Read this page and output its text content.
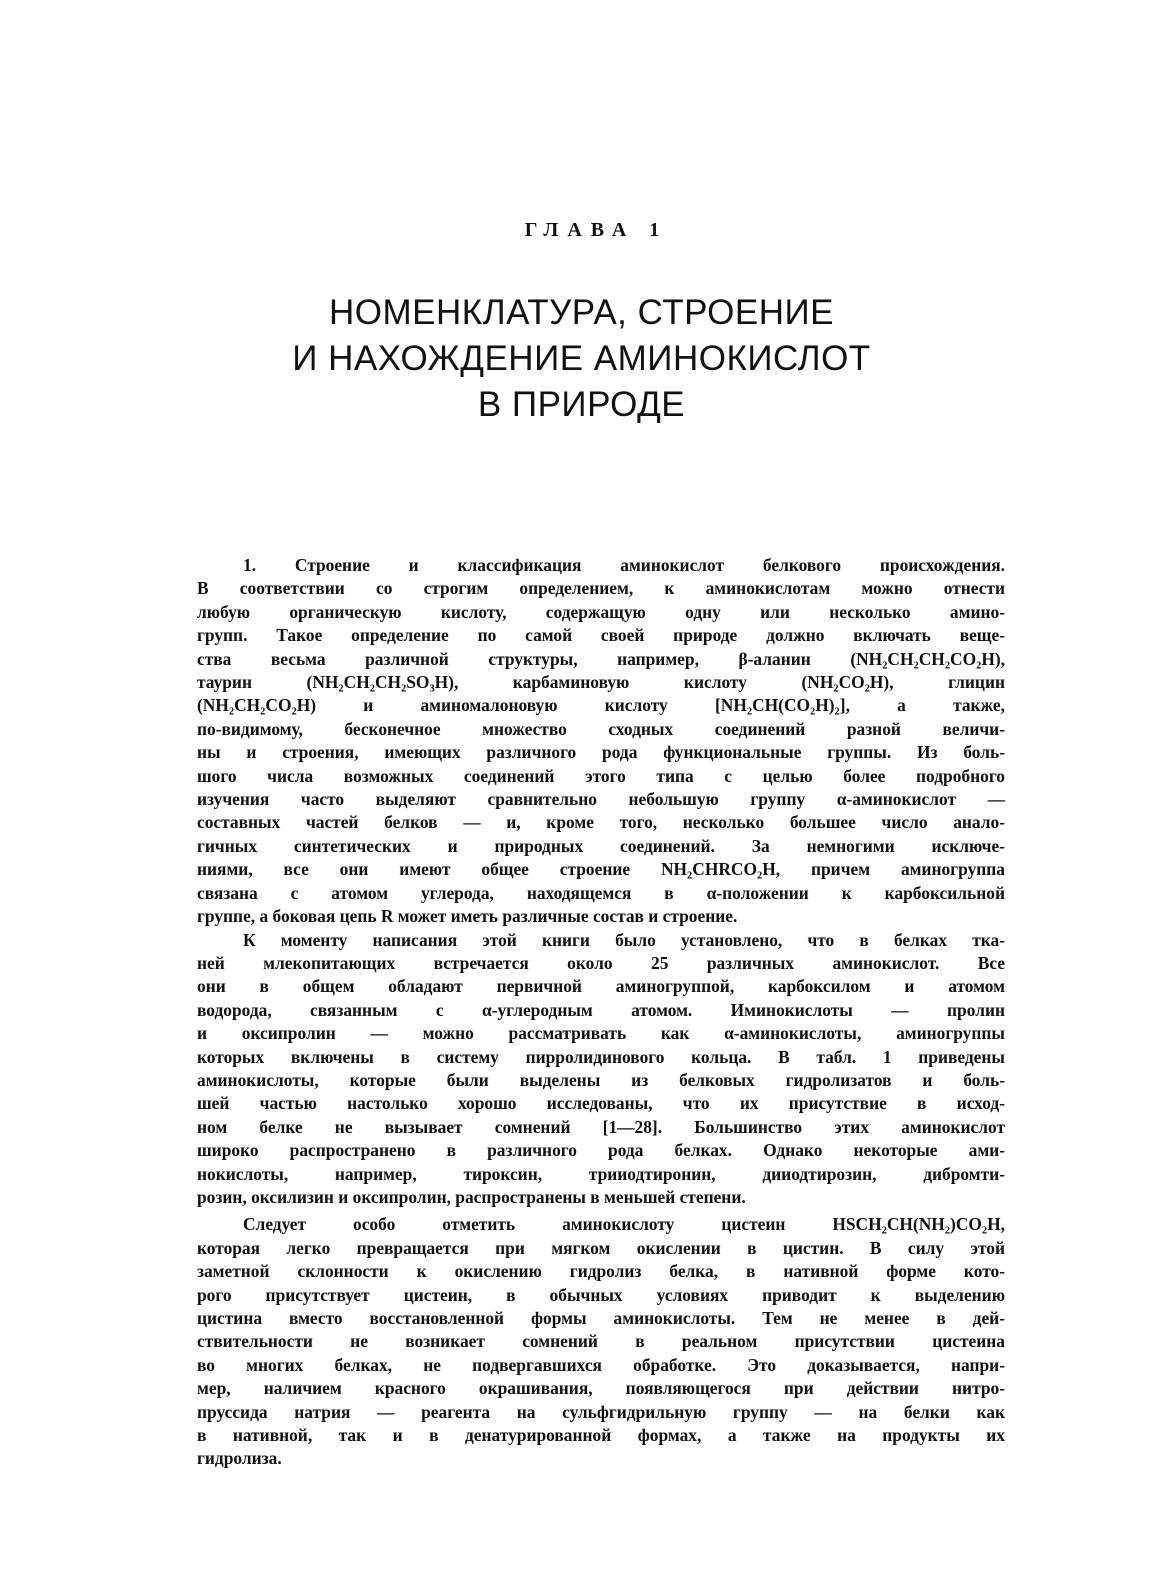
ГЛАВА 1
НОМЕНКЛАТУРА, СТРОЕНИЕ
И НАХОЖДЕНИЕ АМИНОКИСЛОТ
В ПРИРОДЕ
1. Строение и классификация аминокислот белкового происхождения.
В соответствии со строгим определением, к аминокислотам можно отнести
любую органическую кислоту, содержащую одну или несколько амино-
групп. Такое определение по самой своей природе должно включать веще-
ства весьма различной структуры, например, β-аланин (NH₂CH₂CH₂CO₂H),
таурин (NH₂CH₂CH₂SO₃H), карбаминовую кислоту (NH₂CO₂H), глицин
(NH₂CH₂CO₂H) и аминомалоновую кислоту [NH₂CH(CO₂H)₂], а также,
по-видимому, бесконечное множество сходных соединений разной величи-
ны и строения, имеющих различного рода функциональные группы. Из боль-
шого числа возможных соединений этого типа с целью более подробного
изучения часто выделяют сравнительно небольшую группу α-аминокислот —
составных частей белков — и, кроме того, несколько большее число анало-
гичных синтетических и природных соединений. За немногими исключе-
ниями, все они имеют общее строение NH₂CHRCO₂H, причем аминогруппа
связана с атомом углерода, находящемся в α-положении к карбоксильной
группе, а боковая цепь R может иметь различные состав и строение.
К моменту написания этой книги было установлено, что в белках тка-
ней млекопитающих встречается около 25 различных аминокислот. Все
они в общем обладают первичной аминогруппой, карбоксилом и атомом
водорода, связанным с α-углеродным атомом. Иминокислоты — пролин
и оксипролин — можно рассматривать как α-аминокислоты, аминогруппы
которых включены в систему пирролидинового кольца. В табл. 1 приведены
аминокислоты, которые были выделены из белковых гидролизатов и боль-
шей частью настолько хорошо исследованы, что их присутствие в исход-
ном белке не вызывает сомнений [1—28]. Большинство этих аминокислот
широко распространено в различного рода белках. Однако некоторые ами-
нокислоты, например, тироксин, трииодтиронин, дииодтирозин, дибромти-
розин, оксилизин и оксипролин, распространены в меньшей степени.
Следует особо отметить аминокислоту цистеин HSCH₂CH(NH₂)CO₂H,
которая легко превращается при мягком окислении в цистин. В силу этой
заметной склонности к окислению гидролиз белка, в нативной форме кото-
рого присутствует цистеин, в обычных условиях приводит к выделению
цистина вместо восстановленной формы аминокислоты. Тем не менее в дей-
ствительности не возникает сомнений в реальном присутствии цистеина
во многих белках, не подвергавшихся обработке. Это доказывается, напри-
мер, наличием красного окрашивания, появляющегося при действии нитро-
пруссида натрия — реагента на сульфгидрильную группу — на белки как
в нативной, так и в денатурированной формах, а также на продукты их
гидролиза.
